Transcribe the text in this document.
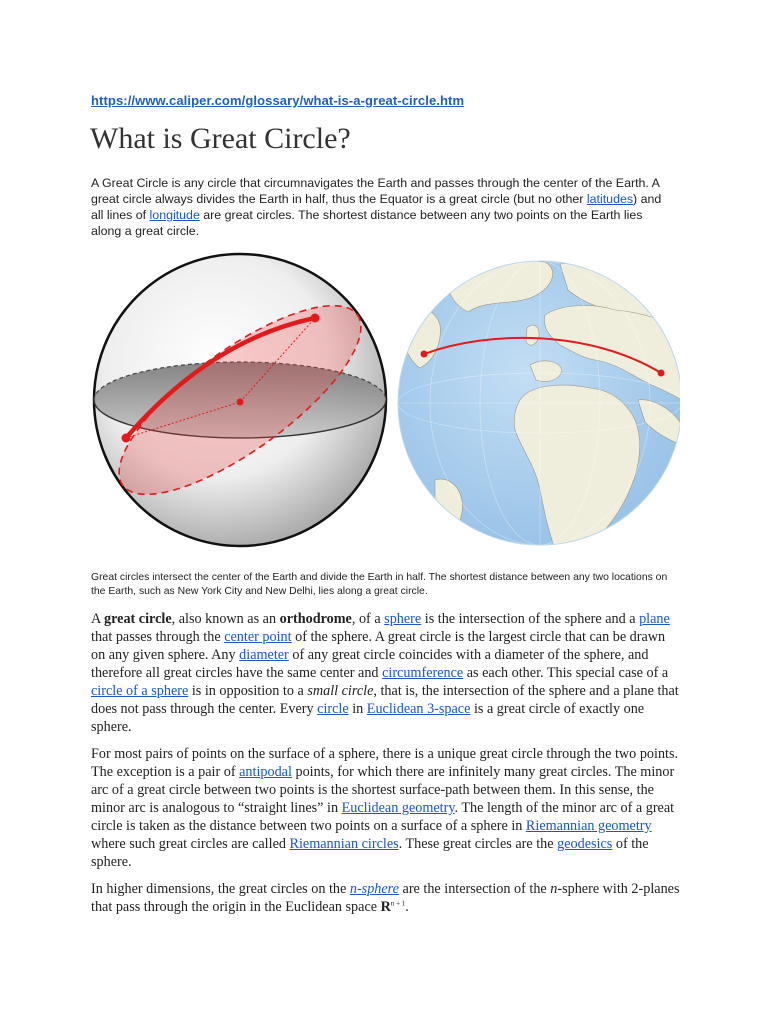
https://www.caliper.com/glossary/what-is-a-great-circle.htm
What is Great Circle?
A Great Circle is any circle that circumnavigates the Earth and passes through the center of the Earth. A great circle always divides the Earth in half, thus the Equator is a great circle (but no other latitudes) and all lines of longitude are great circles. The shortest distance between any two points on the Earth lies along a great circle.
Great circles intersect the center of the Earth and divide the Earth in half. The shortest distance between any two locations on the Earth, such as New York City and New Delhi, lies along a great circle.
A great circle, also known as an orthodrome, of a sphere is the intersection of the sphere and a plane that passes through the center point of the sphere. A great circle is the largest circle that can be drawn on any given sphere. Any diameter of any great circle coincides with a diameter of the sphere, and therefore all great circles have the same center and circumference as each other. This special case of a circle of a sphere is in opposition to a small circle, that is, the intersection of the sphere and a plane that does not pass through the center. Every circle in Euclidean 3-space is a great circle of exactly one sphere.
For most pairs of points on the surface of a sphere, there is a unique great circle through the two points. The exception is a pair of antipodal points, for which there are infinitely many great circles. The minor arc of a great circle between two points is the shortest surface-path between them. In this sense, the minor arc is analogous to “straight lines” in Euclidean geometry. The length of the minor arc of a great circle is taken as the distance between two points on a surface of a sphere in Riemannian geometry where such great circles are called Riemannian circles. These great circles are the geodesics of the sphere.
In higher dimensions, the great circles on the n-sphere are the intersection of the n-sphere with 2-planes that pass through the origin in the Euclidean space $R^{n + 1}$.
